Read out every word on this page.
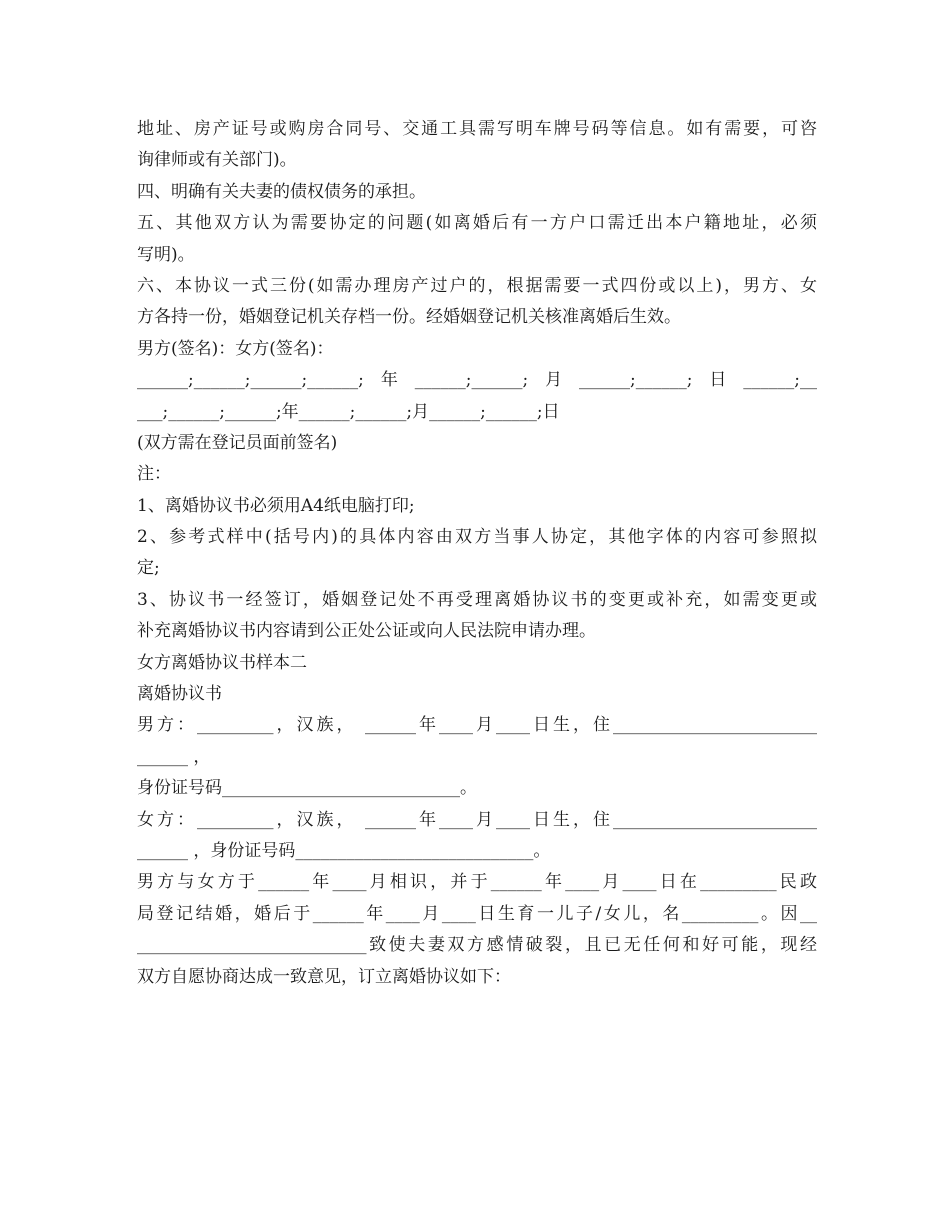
地址、房产证号或购房合同号、交通工具需写明车牌号码等信息。如有需要，可咨
询律师或有关部门)。
四、明确有关夫妻的债权债务的承担。
五、其他双方认为需要协定的问题(如离婚后有一方户口需迁出本户籍地址，必须
写明)。
六、本协议一式三份(如需办理房产过户的，根据需要一式四份或以上)，男方、女
方各持一份，婚姻登记机关存档一份。经婚姻登记机关核准离婚后生效。
男方(签名)：女方(签名)：
______;______;______;______;年______;______;月______;______;日______;__
___;______;______;年______;______;月______;______;日
(双方需在登记员面前签名)
注：
1、离婚协议书必须用A4纸电脑打印;
2、参考式样中(括号内)的具体内容由双方当事人协定，其他字体的内容可参照拟
定;
3、协议书一经签订，婚姻登记处不再受理离婚协议书的变更或补充，如需变更或
补充离婚协议书内容请到公正处公证或向人民法院申请办理。
女方离婚协议书样本二
离婚协议书
男方：_________，汉族， ______年____月____日生，住________________________
______ ，
身份证号码____________________________。
女方：_________，汉族， ______年____月____日生，住________________________
______ ，身份证号码____________________________。
男方与女方于______年____月相识，并于______年____月____日在_________民政
局登记结婚，婚后于______年____月____日生育一儿子/女儿，名_________。因__
___________________________致使夫妻双方感情破裂，且已无任何和好可能，现经
双方自愿协商达成一致意见，订立离婚协议如下：
